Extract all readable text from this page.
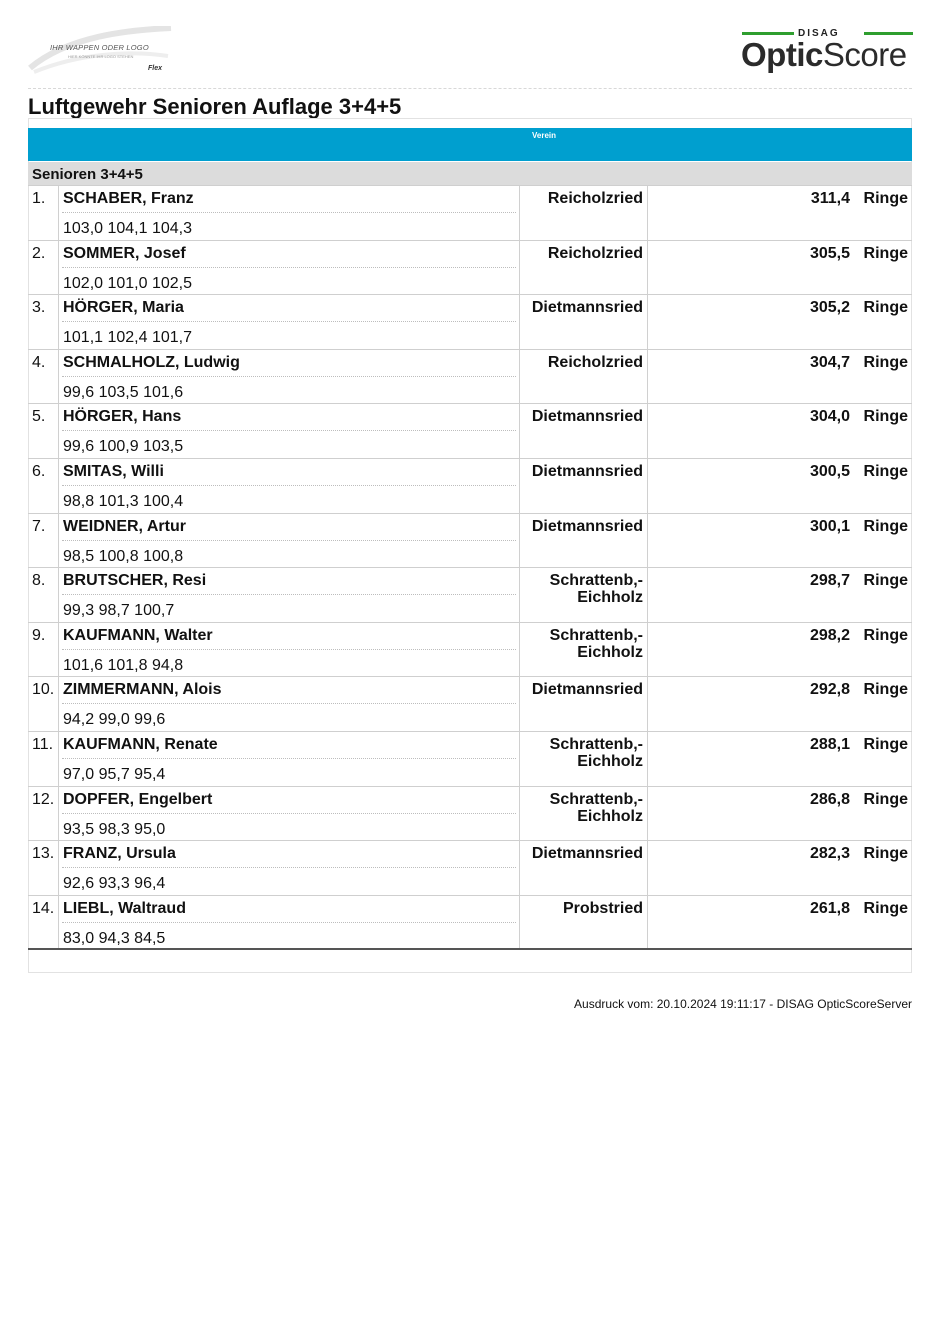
IHR WAPPEN ODER LOGO
HIER KÖNNTE IHR LOGO STEHEN
Flex
DISAG
OpticScore
Luftgewehr Senioren Auflage 3+4+5
Verein
Senioren 3+4+5
1. SCHABER, Franz
103,0 104,1 104,3
Reicholzried	311,4 Ringe
2. SOMMER, Josef
102,0 101,0 102,5
Reicholzried	305,5 Ringe
3. HÖRGER, Maria
101,1 102,4 101,7
Dietmannsried	305,2 Ringe
4. SCHMALHOLZ, Ludwig
99,6 103,5 101,6
Reicholzried	304,7 Ringe
5. HÖRGER, Hans
99,6 100,9 103,5
Dietmannsried	304,0 Ringe
6. SMITAS, Willi
98,8 101,3 100,4
Dietmannsried	300,5 Ringe
7. WEIDNER, Artur
98,5 100,8 100,8
Dietmannsried	300,1 Ringe
8. BRUTSCHER, Resi
99,3 98,7 100,7
Schrattenb,-
Eichholz
298,7 Ringe
9. KAUFMANN, Walter
101,6 101,8 94,8
Schrattenb,-
Eichholz
298,2 Ringe
10. ZIMMERMANN, Alois
94,2 99,0 99,6
Dietmannsried	292,8 Ringe
11. KAUFMANN, Renate
97,0 95,7 95,4
Schrattenb,-
Eichholz
288,1 Ringe
12. DOPFER, Engelbert
93,5 98,3 95,0
Schrattenb,-
Eichholz
286,8 Ringe
13. FRANZ, Ursula
92,6 93,3 96,4
Dietmannsried	282,3 Ringe
14. LIEBL, Waltraud
83,0 94,3 84,5
Probstried	261,8 Ringe
Ausdruck vom: 20.10.2024 19:11:17 - DISAG OpticScoreServer
